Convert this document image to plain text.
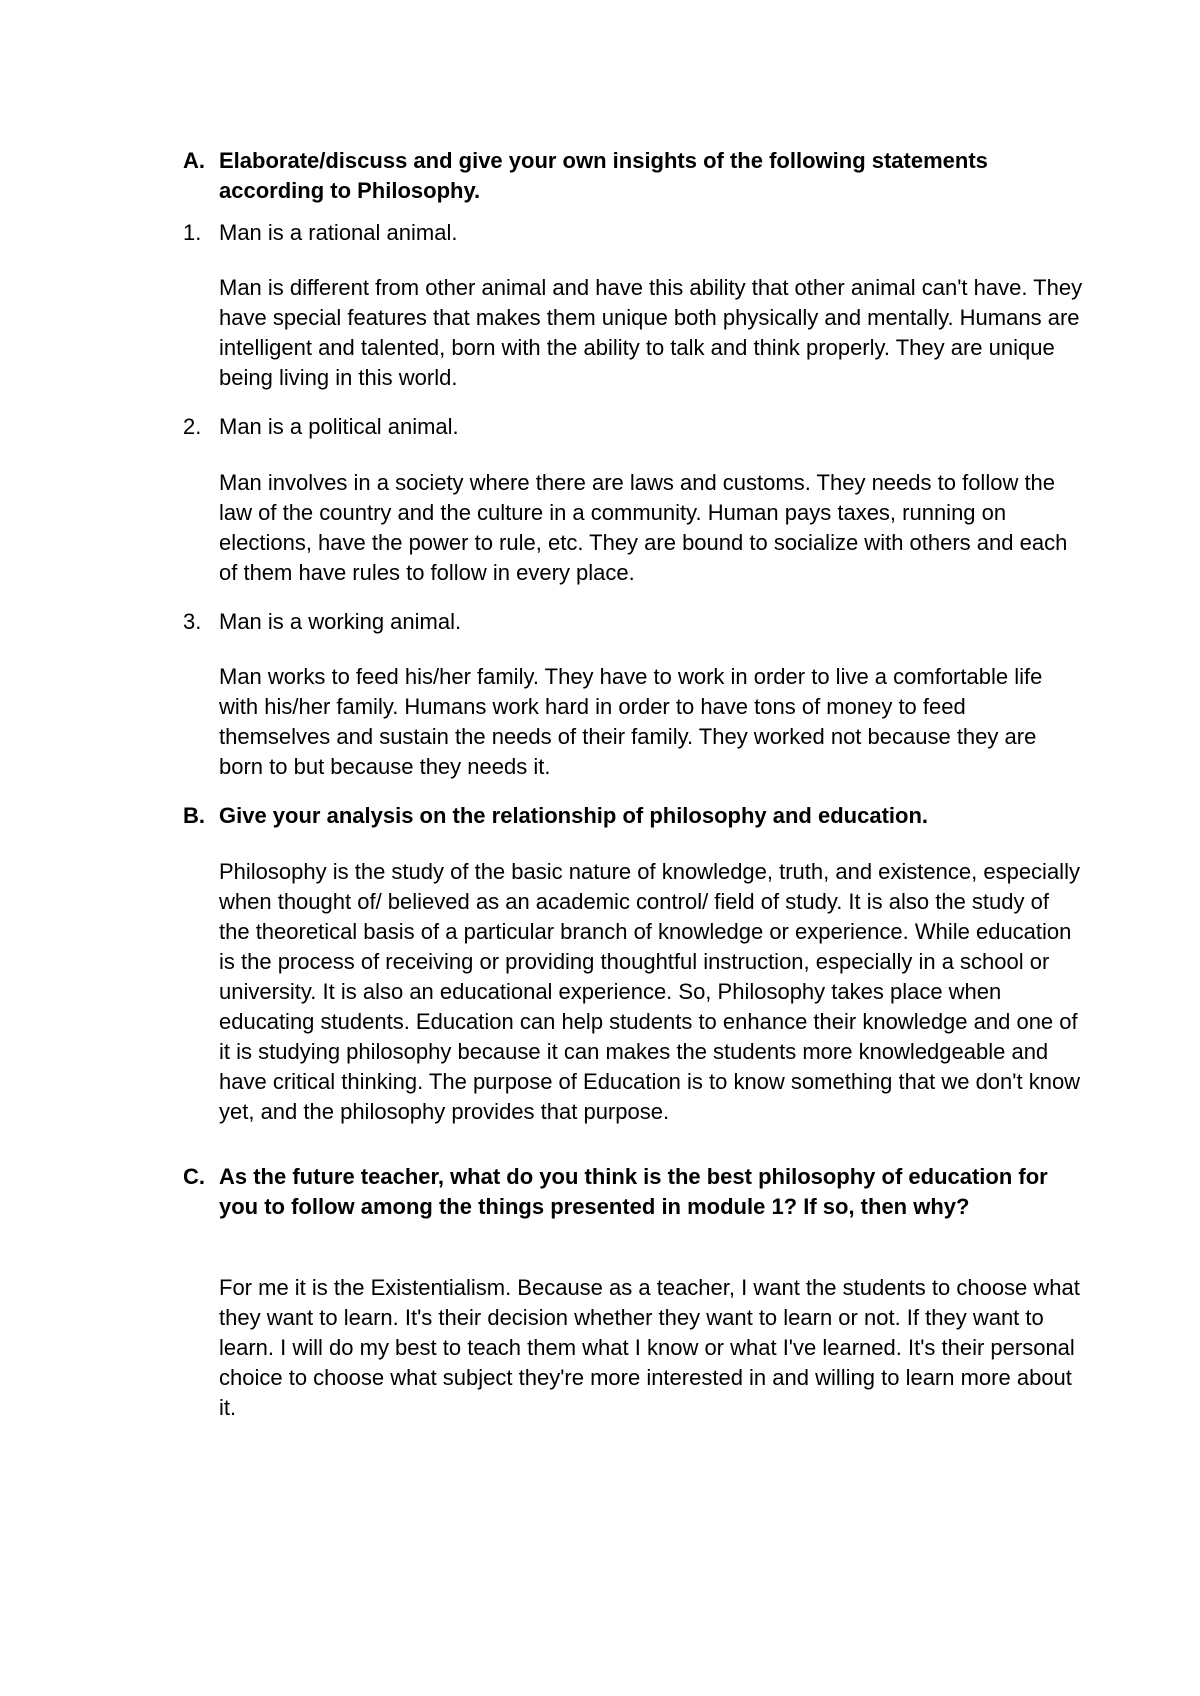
A. Elaborate/discuss and give your own insights of the following statements according to Philosophy.
1. Man is a rational animal.
Man is different from other animal and have this ability that other animal can't have. They have special features that makes them unique both physically and mentally. Humans are intelligent and talented, born with the ability to talk and think properly. They are unique being living in this world.
2. Man is a political animal.
Man involves in a society where there are laws and customs. They needs to follow the law of the country and the culture in a community. Human pays taxes, running on elections, have the power to rule, etc. They are bound to socialize with others and each of them have rules to follow in every place.
3. Man is a working animal.
Man works to feed his/her family. They have to work in order to live a comfortable life with his/her family. Humans work hard in order to have tons of money to feed themselves and sustain the needs of their family. They worked not because they are born to but because they needs it.
B. Give your analysis on the relationship of philosophy and education.
Philosophy is the study of the basic nature of knowledge, truth, and existence, especially when thought of/ believed as an academic control/ field of study. It is also the study of the theoretical basis of a particular branch of knowledge or experience. While education is the process of receiving or providing thoughtful instruction, especially in a school or university. It is also an educational experience. So, Philosophy takes place when educating students. Education can help students to enhance their knowledge and one of it is studying philosophy because it can makes the students more knowledgeable and have critical thinking. The purpose of Education is to know something that we don't know yet, and the philosophy provides that purpose.
C. As the future teacher, what do you think is the best philosophy of education for you to follow among the things presented in module 1? If so, then why?
For me it is the Existentialism. Because as a teacher, I want the students to choose what they want to learn. It's their decision whether they want to learn or not. If they want to learn. I will do my best to teach them what I know or what I've learned. It's their personal choice to choose what subject they're more interested in and willing to learn more about it.
